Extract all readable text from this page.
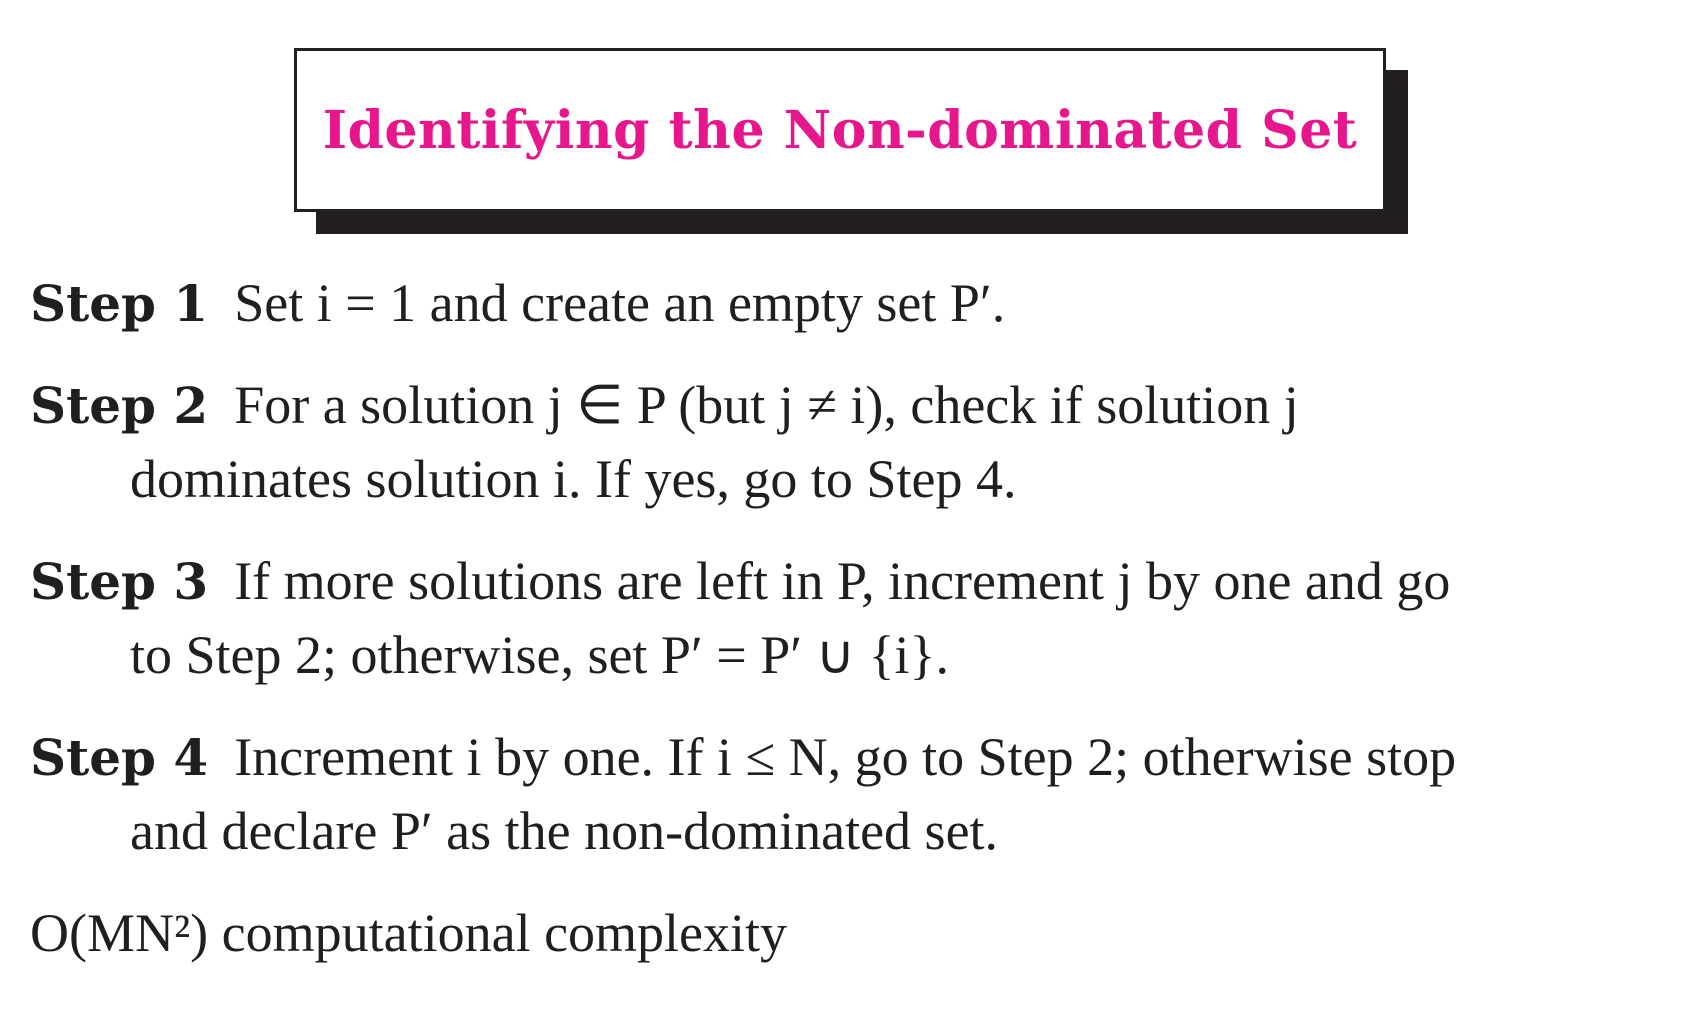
Identifying the Non-dominated Set
Step 1 Set i = 1 and create an empty set P′.
Step 2 For a solution j ∈ P (but j ≠ i), check if solution j
dominates solution i. If yes, go to Step 4.
Step 3 If more solutions are left in P, increment j by one and go
to Step 2; otherwise, set P′ = P′ ∪ {i}.
Step 4 Increment i by one. If i ≤ N, go to Step 2; otherwise stop
and declare P′ as the non-dominated set.
O(MN²) computational complexity
